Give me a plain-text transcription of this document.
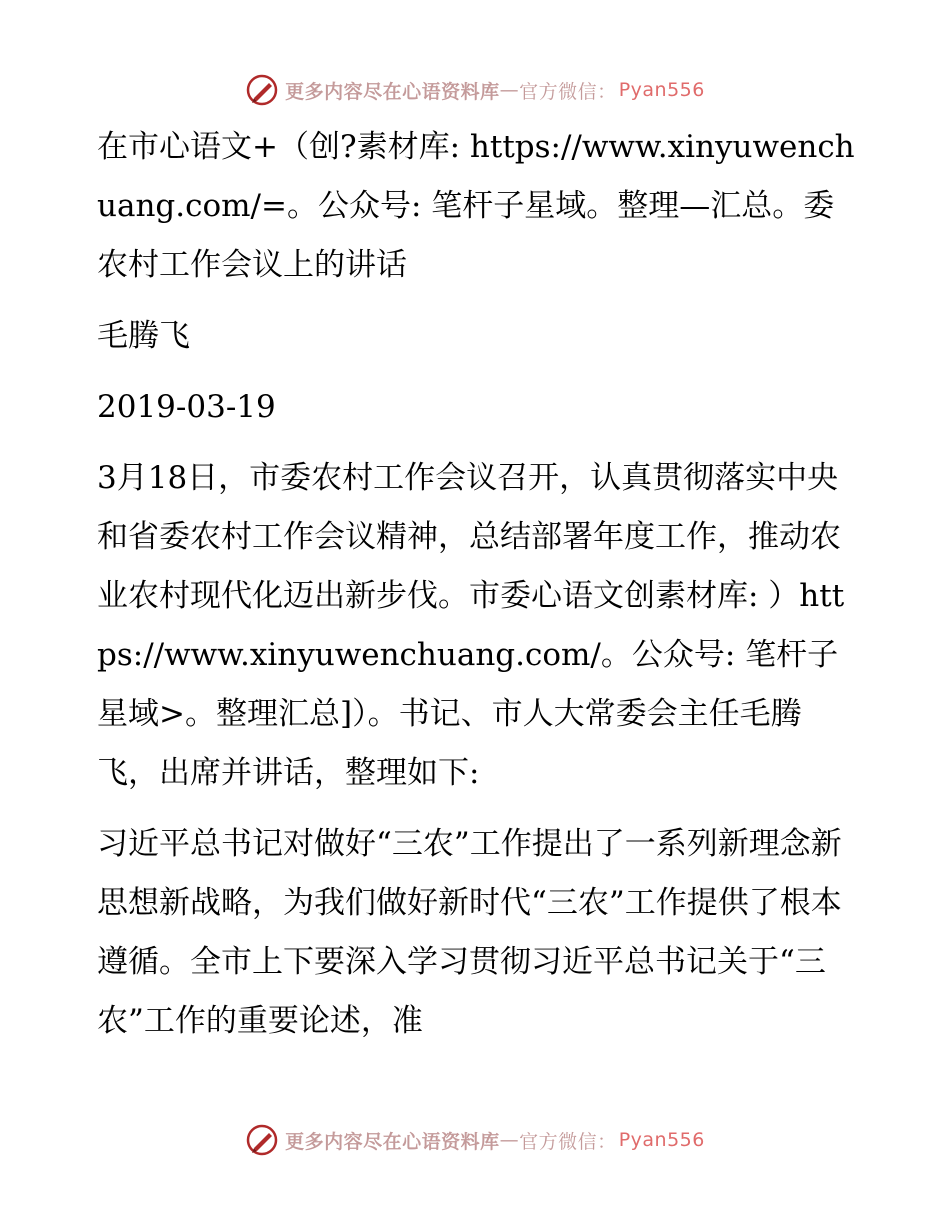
更多内容尽在心语资料库 — 官方微信： Pyan556

在市心语文+（创?素材库: https://www.xinyuwenchuang.com/=。公众号: 笔杆子星域。整理—汇总。委农村工作会议上的讲话

毛腾飞

2019-03-19

3月18日，市委农村工作会议召开，认真贯彻落实中央和省委农村工作会议精神，总结部署年度工作，推动农业农村现代化迈出新步伐。市委心语文创素材库: ）https://www.xinyuwenchuang.com/。公众号: 笔杆子星域>。整理汇总]）。书记、市人大常委会主任毛腾飞，出席并讲话，整理如下:

习近平总书记对做好“三农”工作提出了一系列新理念新思想新战略，为我们做好新时代“三农”工作提供了根本遵循。全市上下要深入学习贯彻习近平总书记关于“三农”工作的重要论述，准

更多内容尽在心语资料库 — 官方微信： Pyan556
